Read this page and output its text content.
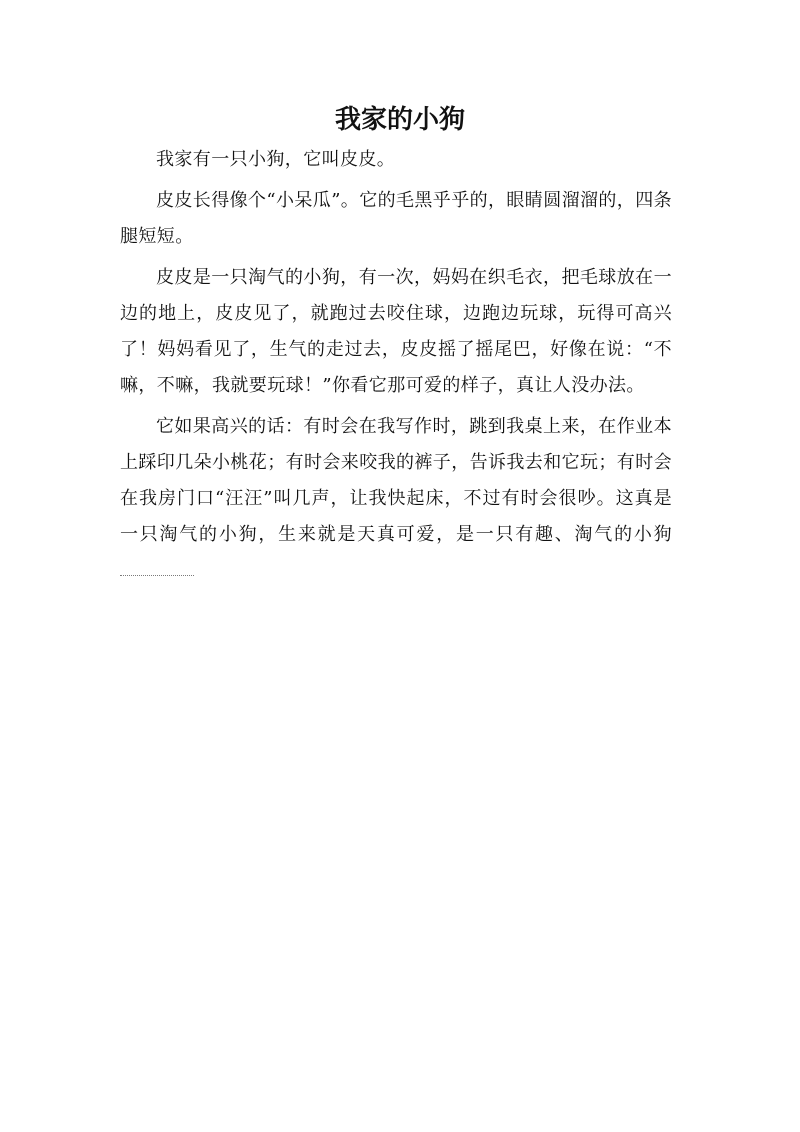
我家的小狗

我家有一只小狗，它叫皮皮。

皮皮长得像个“小呆瓜”。它的毛黑乎乎的，眼睛圆溜溜的，四条腿短短。

皮皮是一只淘气的小狗，有一次，妈妈在织毛衣，把毛球放在一边的地上，皮皮见了，就跑过去咬住球，边跑边玩球，玩得可高兴了！妈妈看见了，生气的走过去，皮皮摇了摇尾巴，好像在说：“不嘛，不嘛，我就要玩球！”你看它那可爱的样子，真让人没办法。

它如果高兴的话：有时会在我写作时，跳到我桌上来，在作业本上踩印几朵小桃花；有时会来咬我的裤子，告诉我去和它玩；有时会在我房门口“汪汪”叫几声，让我快起床，不过有时会很吵。这真是一只淘气的小狗，生来就是天真可爱，是一只有趣、淘气的小狗
